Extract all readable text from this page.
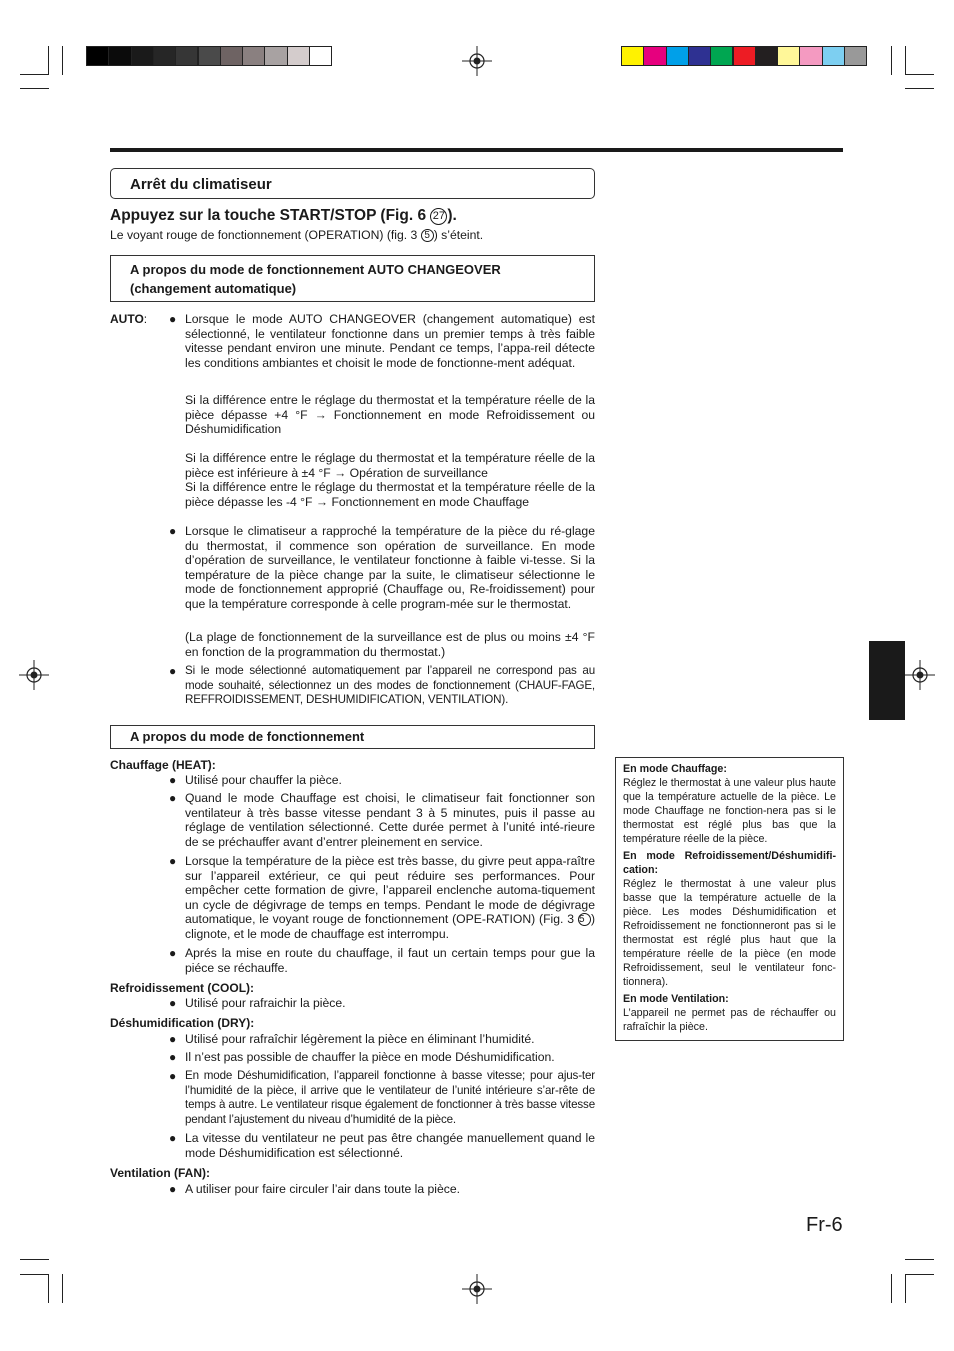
Arrêt du climatiseur
Appuyez sur la touche START/STOP (Fig. 6 27 ).
Le voyant rouge de fonctionnement (OPERATION) (fig. 3 5 ) s’éteint.
A propos du mode de fonctionnement AUTO CHANGEOVER
(changement automatique)
AUTO: ● Lorsque le mode AUTO CHANGEOVER (changement automatique) est sélectionné, le ventilateur fonctionne dans un premier temps à très faible vitesse pendant environ une minute. Pendant ce temps, l’appa-reil détecte les conditions ambiantes et choisit le mode de fonctionne-ment adéquat.
Si la différence entre le réglage du thermostat et la température réelle de la pièce dépasse +4 °F → Fonctionnement en mode Refroidissement ou Déshumidification
Si la différence entre le réglage du thermostat et la température réelle de la pièce est inférieure à ±4 °F → Opération de surveillance
Si la différence entre le réglage du thermostat et la température réelle de la pièce dépasse les -4 °F → Fonctionnement en mode Chauffage
● Lorsque le climatiseur a rapproché la température de la pièce du ré-glage du thermostat, il commence son opération de surveillance. En mode d’opération de surveillance, le ventilateur fonctionne à faible vi-tesse. Si la température de la pièce change par la suite, le climatiseur sélectionne le mode de fonctionnement approprié (Chauffage ou, Re-froidissement) pour que la température corresponde à celle program-mée sur le thermostat.
(La plage de fonctionnement de la surveillance est de plus ou moins ±4 °F en fonction de la programmation du thermostat.)
● Si le mode sélectionné automatiquement par l’appareil ne correspond pas au mode souhaité, sélectionnez un des modes de fonctionnement (CHAUF-FAGE, REFFROIDISSEMENT, DESHUMIDIFICATION, VENTILATION).
A propos du mode de fonctionnement
Chauffage (HEAT):
● Utilisé pour chauffer la pièce.
● Quand le mode Chauffage est choisi, le climatiseur fait fonctionner son ventilateur à très basse vitesse pendant 3 à 5 minutes, puis il passe au réglage de ventilation sélectionné. Cette durée permet à l’unité inté-rieure de se préchauffer avant d’entrer pleinement en service.
● Lorsque la température de la pièce est très basse, du givre peut appa-raître sur l’appareil extérieur, ce qui peut réduire ses performances. Pour empêcher cette formation de givre, l’appareil enclenche automa-tiquement un cycle de dégivrage de temps en temps. Pendant le mode de dégivrage automatique, le voyant rouge de fonctionnement (OPE-RATION) (Fig. 3 5 ) clignote, et le mode de chauffage est interrompu.
● Aprés la mise en route du chauffage, il faut un certain temps pour gue la piéce se réchauffe.
Refroidissement (COOL):
● Utilisé pour rafraichir la pièce.
Déshumidification (DRY):
● Utilisé pour rafraîchir légèrement la pièce en éliminant l’humidité.
● Il n’est pas possible de chauffer la pièce en mode Déshumidification.
● En mode Déshumidification, l’appareil fonctionne à basse vitesse; pour ajus-ter l’humidité de la pièce, il arrive que le ventilateur de l’unité intérieure s’ar-rête de temps à autre. Le ventilateur risque également de fonctionner à très basse vitesse pendant l’ajustement du niveau d’humidité de la pièce.
● La vitesse du ventilateur ne peut pas être changée manuellement quand le mode Déshumidification est sélectionné.
Ventilation (FAN):
● A utiliser pour faire circuler l’air dans toute la pièce.
En mode Chauffage:
Réglez le thermostat à une valeur plus haute que la température actuelle de la pièce. Le mode Chauffage ne fonction-nera pas si le thermostat est réglé plus bas que la température réelle de la pièce.
En mode Refroidissement/Déshumidifi-cation:
Réglez le thermostat à une valeur plus basse que la température actuelle de la pièce. Les modes Déshumidification et Refroidissement ne fonctionneront pas si le thermostat est réglé plus haut que la température réelle de la pièce (en mode Refroidissement, seul le ventilateur fonc-tionnera).
En mode Ventilation:
L’appareil ne permet pas de réchauffer ou rafraîchir la pièce.
Fr-6
